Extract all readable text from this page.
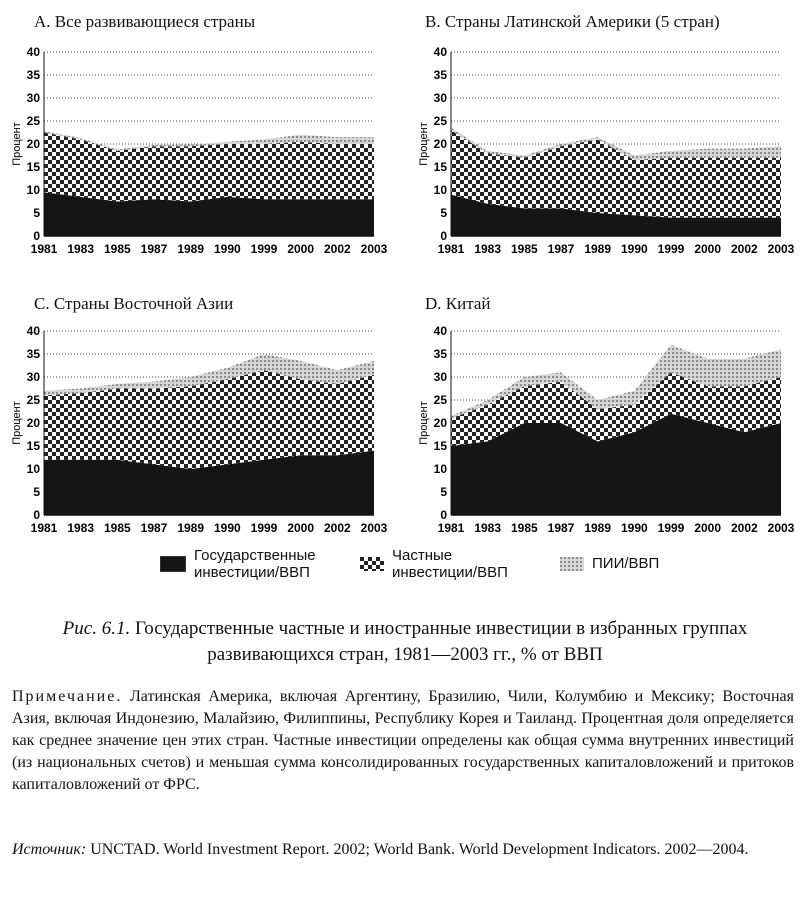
A. Все развивающиеся страны	B. Страны Латинской Америки (5 стран)
C. Страны Восточной Азии	D. Китай
0
5
10
15
20
25
30
35
40
1981 1983 1985 1987 1989 1990 1999 2000 2002 2003
Процент
0
5
10
15
20
25
30
35
40
1981 1983 1985 1987 1989 1990 1999 2000 2002 2003
Процент
0
5
10
15
20
25
30
35
40
1981 1983 1985 1987 1989 1990 1999 2000 2002 2003
Процент
0
5
10
15
20
25
30
35
40
1981 1983 1985 1987 1989 1990 1999 2000 2002 2003
Процент
Государственные
инвестиции/ВВП
Частные
инвестиции/ВВП
ПИИ/ВВП
Рис. 6.1. Государственные частные и иностранные инвестиции в избранных группах развивающихся стран, 1981—2003 гг., % от ВВП
Примечание. Латинская Америка, включая Аргентину, Бразилию, Чили, Колумбию и Мексику; Восточная Азия, включая Индонезию, Малайзию, Филиппины, Республику Корея и Таиланд. Процентная доля определяется как среднее значение цен этих стран. Частные инвестиции определены как общая сумма внутренних инвестиций (из национальных счетов) и меньшая сумма консолидированных государственных капиталовложений и притоков капиталовложений от ФРС.
Источник: UNCTAD. World Investment Report. 2002; World Bank. World Development Indicators. 2002—2004.
